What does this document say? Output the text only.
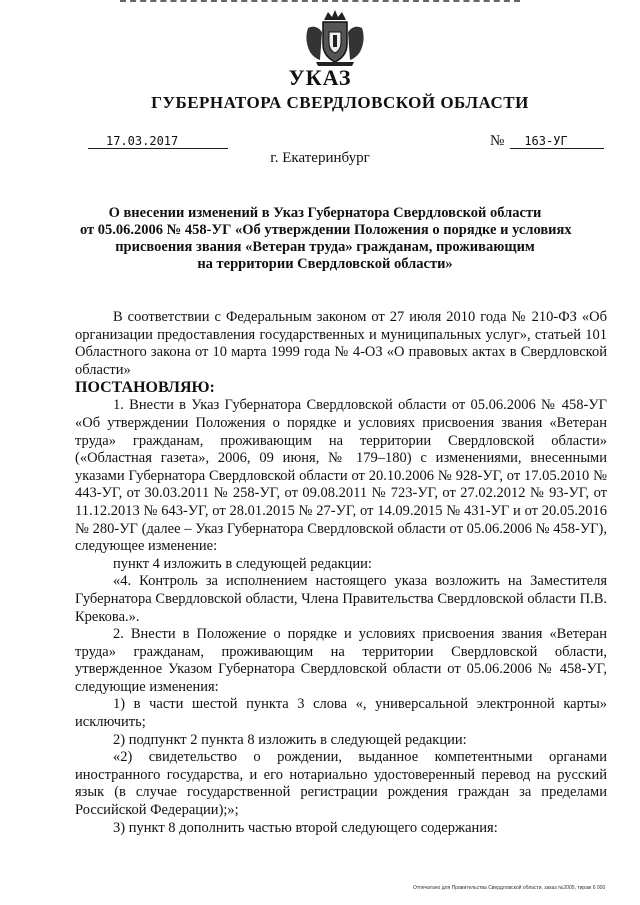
УКАЗ
ГУБЕРНАТОРА СВЕРДЛОВСКОЙ ОБЛАСТИ
17.03.2017	№ 163-УГ
г. Екатеринбург
О внесении изменений в Указ Губернатора Свердловской области
от 05.06.2006 № 458-УГ «Об утверждении Положения о порядке и условиях
присвоения звания «Ветеран труда» гражданам, проживающим
на территории Свердловской области»
В соответствии с Федеральным законом от 27 июля 2010 года № 210-ФЗ «Об организации предоставления государственных и муниципальных услуг», статьей 101 Областного закона от 10 марта 1999 года № 4-ОЗ «О правовых актах в Свердловской области»
ПОСТАНОВЛЯЮ:
1. Внести в Указ Губернатора Свердловской области от 05.06.2006 № 458-УГ «Об утверждении Положения о порядке и условиях присвоения звания «Ветеран труда» гражданам, проживающим на территории Свердловской области» («Областная газета», 2006, 09 июня, № 179–180) с изменениями, внесенными указами Губернатора Свердловской области от 20.10.2006 № 928-УГ, от 17.05.2010 № 443-УГ, от 30.03.2011 № 258-УГ, от 09.08.2011 № 723-УГ, от 27.02.2012 № 93-УГ, от 11.12.2013 № 643-УГ, от 28.01.2015 № 27-УГ, от 14.09.2015 № 431-УГ и от 20.05.2016 № 280-УГ (далее – Указ Губернатора Свердловской области от 05.06.2006 № 458-УГ), следующее изменение:
пункт 4 изложить в следующей редакции:
«4. Контроль за исполнением настоящего указа возложить на Заместителя Губернатора Свердловской области, Члена Правительства Свердловской области П.В. Крекова.».
2. Внести в Положение о порядке и условиях присвоения звания «Ветеран труда» гражданам, проживающим на территории Свердловской области, утвержденное Указом Губернатора Свердловской области от 05.06.2006 № 458-УГ, следующие изменения:
1) в части шестой пункта 3 слова «, универсальной электронной карты» исключить;
2) подпункт 2 пункта 8 изложить в следующей редакции:
«2) свидетельство о рождении, выданное компетентными органами иностранного государства, и его нотариально удостоверенный перевод на русский язык (в случае государственной регистрации рождения граждан за пределами Российской Федерации);»;
3) пункт 8 дополнить частью второй следующего содержания:
Отпечатано для Правительства Свердловской области, заказ №2005, тираж 6 000
